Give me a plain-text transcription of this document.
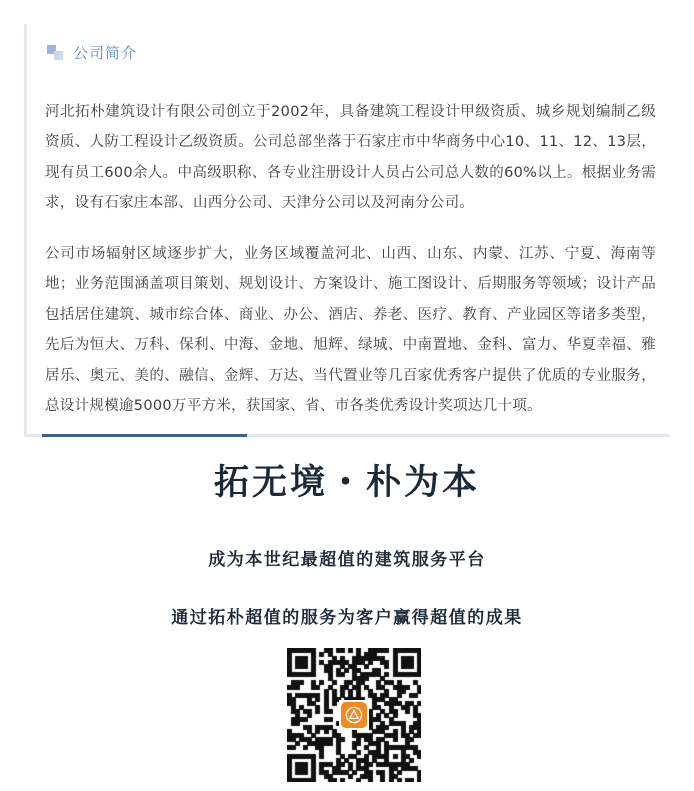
公司简介

河北拓朴建筑设计有限公司创立于2002年，具备建筑工程设计甲级资质、城乡规划编制乙级资质、人防工程设计乙级资质。公司总部坐落于石家庄市中华商务中心10、11、12、13层，现有员工600余人。中高级职称、各专业注册设计人员占公司总人数的60%以上。根据业务需求，设有石家庄本部、山西分公司、天津分公司以及河南分公司。

公司市场辐射区域逐步扩大，业务区域覆盖河北、山西、山东、内蒙、江苏、宁夏、海南等地；业务范围涵盖项目策划、规划设计、方案设计、施工图设计、后期服务等领域；设计产品包括居住建筑、城市综合体、商业、办公、酒店、养老、医疗、教育、产业园区等诸多类型，先后为恒大、万科、保利、中海、金地、旭辉、绿城、中南置地、金科、富力、华夏幸福、雅居乐、奥元、美的、融信、金辉、万达、当代置业等几百家优秀客户提供了优质的专业服务，总设计规模逾5000万平方米，获国家、省、市各类优秀设计奖项达几十项。

拓无境・朴为本
成为本世纪最超值的建筑服务平台
通过拓朴超值的服务为客户赢得超值的成果
